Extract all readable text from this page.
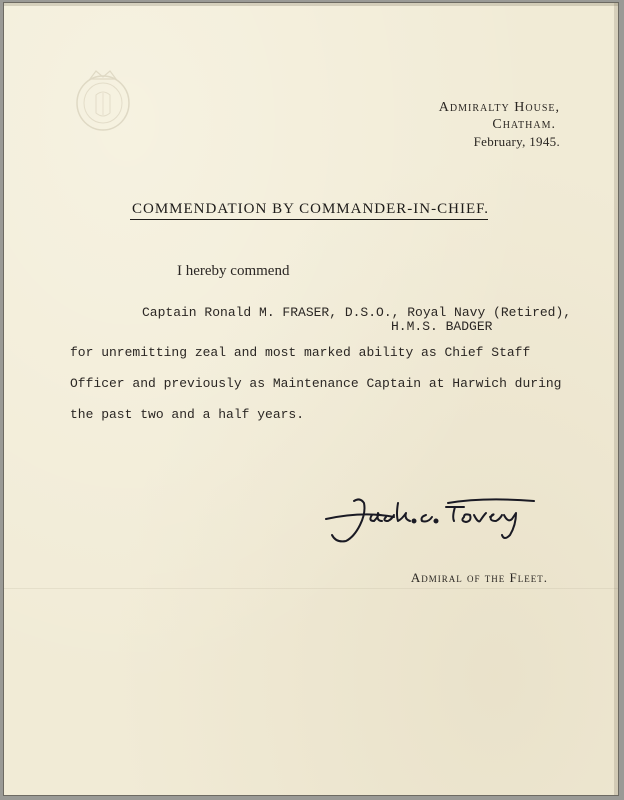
Admiralty House,
Chatham.
February, 1945.
COMMENDATION BY COMMANDER-IN-CHIEF.
I hereby commend
Captain Ronald M. FRASER, D.S.O., Royal Navy (Retired),
H.M.S. BADGER
for unremitting zeal and most marked ability as Chief Staff
Officer and previously as Maintenance Captain at Harwich during
the past two and a half years.
Admiral of the Fleet.
